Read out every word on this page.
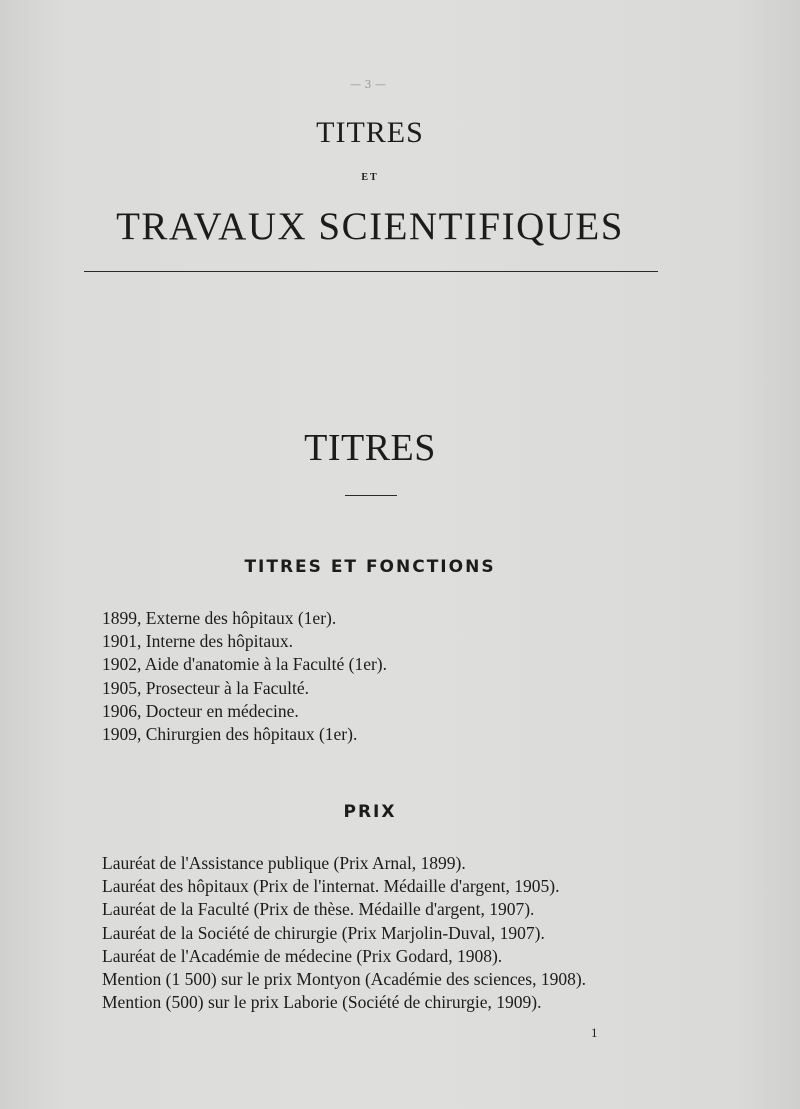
— 3 —
TITRES
ET
TRAVAUX SCIENTIFIQUES
TITRES
TITRES ET FONCTIONS
1899, Externe des hôpitaux (1er).
1901, Interne des hôpitaux.
1902, Aide d'anatomie à la Faculté (1er).
1905, Prosecteur à la Faculté.
1906, Docteur en médecine.
1909, Chirurgien des hôpitaux (1er).
PRIX
Lauréat de l'Assistance publique (Prix Arnal, 1899).
Lauréat des hôpitaux (Prix de l'internat. Médaille d'argent, 1905).
Lauréat de la Faculté (Prix de thèse. Médaille d'argent, 1907).
Lauréat de la Société de chirurgie (Prix Marjolin-Duval, 1907).
Lauréat de l'Académie de médecine (Prix Godard, 1908).
Mention (1 500) sur le prix Montyon (Académie des sciences, 1908).
Mention (500) sur le prix Laborie (Société de chirurgie, 1909).
1
